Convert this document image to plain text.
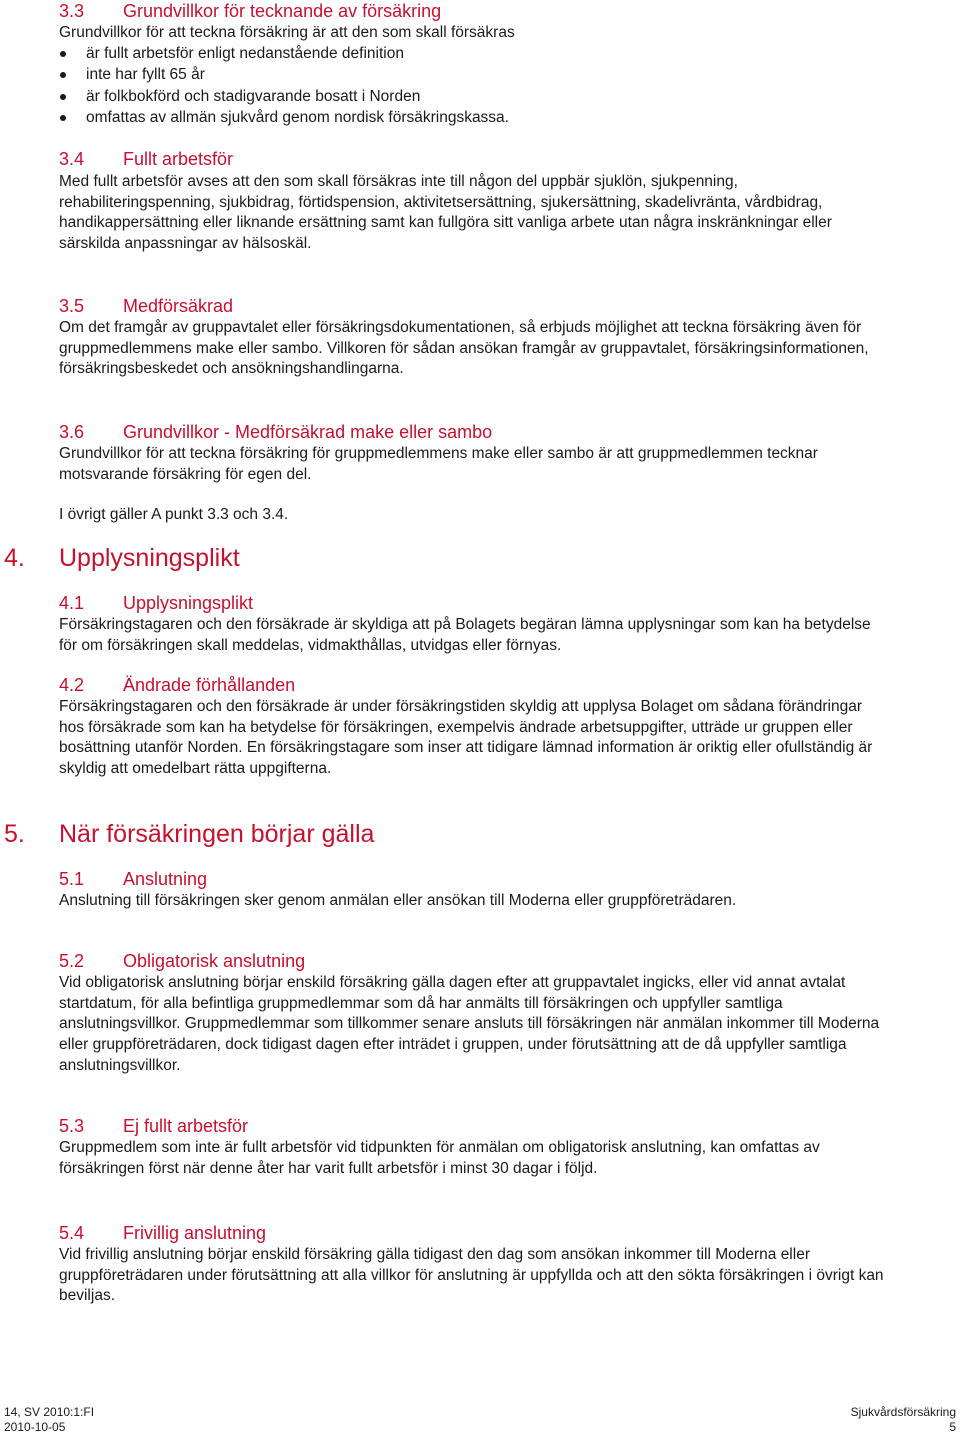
3.3 Grundvillkor för tecknande av försäkring

Grundvillkor för att teckna försäkring är att den som skall försäkras

är fullt arbetsför enligt nedanstående definition
inte har fyllt 65 år
är folkbokförd och stadigvarande bosatt i Norden
omfattas av allmän sjukvård genom nordisk försäkringskassa.
3.4 Fullt arbetsför

Med fullt arbetsför avses att den som skall försäkras inte till någon del uppbär sjuklön, sjukpenning, rehabiliteringspenning, sjukbidrag, förtidspension, aktivitetsersättning, sjukersättning, skadelivränta, vårdbidrag, handikappersättning eller liknande ersättning samt kan fullgöra sitt vanliga arbete utan några inskränkningar eller särskilda anpassningar av hälsoskäl.

3.5 Medförsäkrad

Om det framgår av gruppavtalet eller försäkringsdokumentationen, så erbjuds möjlighet att teckna försäkring även för gruppmedlemmens make eller sambo. Villkoren för sådan ansökan framgår av gruppavtalet, försäkringsinformationen, försäkringsbeskedet och ansökningshandlingarna.

3.6 Grundvillkor - Medförsäkrad make eller sambo

Grundvillkor för att teckna försäkring för gruppmedlemmens make eller sambo är att gruppmedlemmen tecknar motsvarande försäkring för egen del.

I övrigt gäller A punkt 3.3 och 3.4.

4. Upplysningsplikt
4.1 Upplysningsplikt

Försäkringstagaren och den försäkrade är skyldiga att på Bolagets begäran lämna upplysningar som kan ha betydelse för om försäkringen skall meddelas, vidmakthållas, utvidgas eller förnyas.

4.2 Ändrade förhållanden

Försäkringstagaren och den försäkrade är under försäkringstiden skyldig att upplysa Bolaget om sådana förändringar hos försäkrade som kan ha betydelse för försäkringen, exempelvis ändrade arbetsuppgifter, utträde ur gruppen eller bosättning utanför Norden. En försäkringstagare som inser att tidigare lämnad information är oriktig eller ofullständig är skyldig att omedelbart rätta uppgifterna.

5. När försäkringen börjar gälla
5.1 Anslutning

Anslutning till försäkringen sker genom anmälan eller ansökan till Moderna eller gruppföreträdaren.

5.2 Obligatorisk anslutning

Vid obligatorisk anslutning börjar enskild försäkring gälla dagen efter att gruppavtalet ingicks, eller vid annat avtalat startdatum, för alla befintliga gruppmedlemmar som då har anmälts till försäkringen och uppfyller samtliga anslutningsvillkor. Gruppmedlemmar som tillkommer senare ansluts till försäkringen när anmälan inkommer till Moderna eller gruppföreträdaren, dock tidigast dagen efter inträdet i gruppen, under förutsättning att de då uppfyller samtliga anslutningsvillkor.

5.3 Ej fullt arbetsför

Gruppmedlem som inte är fullt arbetsför vid tidpunkten för anmälan om obligatorisk anslutning, kan omfattas av försäkringen först när denne åter har varit fullt arbetsför i minst 30 dagar i följd.

5.4 Frivillig anslutning

Vid frivillig anslutning börjar enskild försäkring gälla tidigast den dag som ansökan inkommer till Moderna eller gruppföreträdaren under förutsättning att alla villkor för anslutning är uppfyllda och att den sökta försäkringen i övrigt kan beviljas.

14, SV 2010:1:FI
2010-10-05
Sjukvårdsförsäkring
5
